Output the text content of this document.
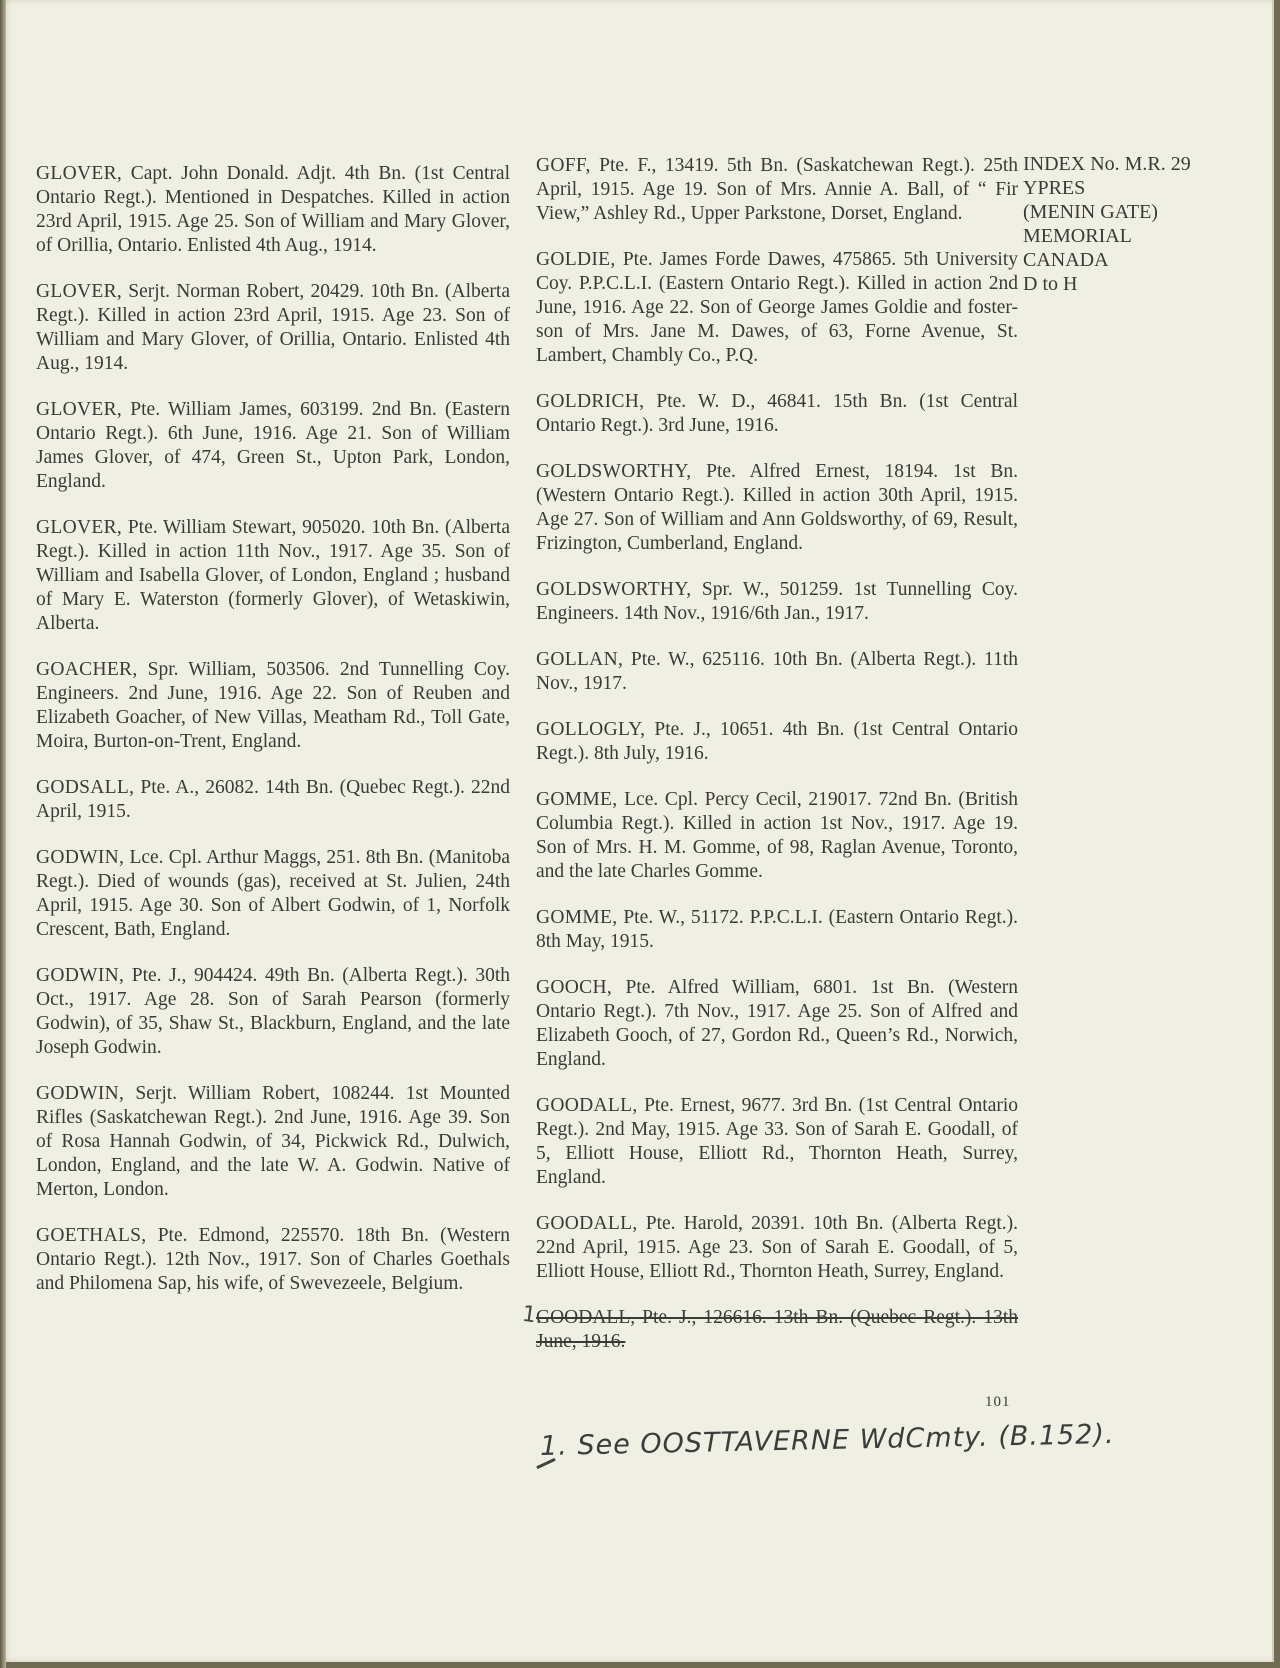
GLOVER, Capt. John Donald. Adjt. 4th Bn. (1st Central Ontario Regt.). Mentioned in Despatches. Killed in action 23rd April, 1915. Age 25. Son of William and Mary Glover, of Orillia, Ontario. Enlisted 4th Aug., 1914.
GLOVER, Serjt. Norman Robert, 20429. 10th Bn. (Alberta Regt.). Killed in action 23rd April, 1915. Age 23. Son of William and Mary Glover, of Orillia, Ontario. Enlisted 4th Aug., 1914.
GLOVER, Pte. William James, 603199. 2nd Bn. (Eastern Ontario Regt.). 6th June, 1916. Age 21. Son of William James Glover, of 474, Green St., Upton Park, London, England.
GLOVER, Pte. William Stewart, 905020. 10th Bn. (Alberta Regt.). Killed in action 11th Nov., 1917. Age 35. Son of William and Isabella Glover, of London, England ; husband of Mary E. Waterston (formerly Glover), of Wetaskiwin, Alberta.
GOACHER, Spr. William, 503506. 2nd Tunnelling Coy. Engineers. 2nd June, 1916. Age 22. Son of Reuben and Elizabeth Goacher, of New Villas, Meatham Rd., Toll Gate, Moira, Burton-on-Trent, England.
GODSALL, Pte. A., 26082. 14th Bn. (Quebec Regt.). 22nd April, 1915.
GODWIN, Lce. Cpl. Arthur Maggs, 251. 8th Bn. (Manitoba Regt.). Died of wounds (gas), received at St. Julien, 24th April, 1915. Age 30. Son of Albert Godwin, of 1, Norfolk Crescent, Bath, England.
GODWIN, Pte. J., 904424. 49th Bn. (Alberta Regt.). 30th Oct., 1917. Age 28. Son of Sarah Pearson (formerly Godwin), of 35, Shaw St., Blackburn, England, and the late Joseph Godwin.
GODWIN, Serjt. William Robert, 108244. 1st Mounted Rifles (Saskatchewan Regt.). 2nd June, 1916. Age 39. Son of Rosa Hannah Godwin, of 34, Pickwick Rd., Dulwich, London, England, and the late W. A. Godwin. Native of Merton, London.
GOETHALS, Pte. Edmond, 225570. 18th Bn. (Western Ontario Regt.). 12th Nov., 1917. Son of Charles Goethals and Philomena Sap, his wife, of Swevezeele, Belgium.
GOFF, Pte. F., 13419. 5th Bn. (Saskatchewan Regt.). 25th April, 1915. Age 19. Son of Mrs. Annie A. Ball, of “ Fir View,” Ashley Rd., Upper Parkstone, Dorset, England.
GOLDIE, Pte. James Forde Dawes, 475865. 5th University Coy. P.P.C.L.I. (Eastern Ontario Regt.). Killed in action 2nd June, 1916. Age 22. Son of George James Goldie and foster-son of Mrs. Jane M. Dawes, of 63, Forne Avenue, St. Lambert, Chambly Co., P.Q.
GOLDRICH, Pte. W. D., 46841. 15th Bn. (1st Central Ontario Regt.). 3rd June, 1916.
GOLDSWORTHY, Pte. Alfred Ernest, 18194. 1st Bn. (Western Ontario Regt.). Killed in action 30th April, 1915. Age 27. Son of William and Ann Goldsworthy, of 69, Result, Frizington, Cumberland, England.
GOLDSWORTHY, Spr. W., 501259. 1st Tunnelling Coy. Engineers. 14th Nov., 1916/6th Jan., 1917.
GOLLAN, Pte. W., 625116. 10th Bn. (Alberta Regt.). 11th Nov., 1917.
GOLLOGLY, Pte. J., 10651. 4th Bn. (1st Central Ontario Regt.). 8th July, 1916.
GOMME, Lce. Cpl. Percy Cecil, 219017. 72nd Bn. (British Columbia Regt.). Killed in action 1st Nov., 1917. Age 19. Son of Mrs. H. M. Gomme, of 98, Raglan Avenue, Toronto, and the late Charles Gomme.
GOMME, Pte. W., 51172. P.P.C.L.I. (Eastern Ontario Regt.). 8th May, 1915.
GOOCH, Pte. Alfred William, 6801. 1st Bn. (Western Ontario Regt.). 7th Nov., 1917. Age 25. Son of Alfred and Elizabeth Gooch, of 27, Gordon Rd., Queen’s Rd., Norwich, England.
GOODALL, Pte. Ernest, 9677. 3rd Bn. (1st Central Ontario Regt.). 2nd May, 1915. Age 33. Son of Sarah E. Goodall, of 5, Elliott House, Elliott Rd., Thornton Heath, Surrey, England.
GOODALL, Pte. Harold, 20391. 10th Bn. (Alberta Regt.). 22nd April, 1915. Age 23. Son of Sarah E. Goodall, of 5, Elliott House, Elliott Rd., Thornton Heath, Surrey, England.
1.
GOODALL, Pte. J., 126616. 13th Bn. (Quebec Regt.). 13th June, 1916.
INDEX No. M.R. 29
YPRES
(MENIN GATE)
MEMORIAL
CANADA
D to H
101
1. See OOSTTAVERNE WdCmty. (B.152).
